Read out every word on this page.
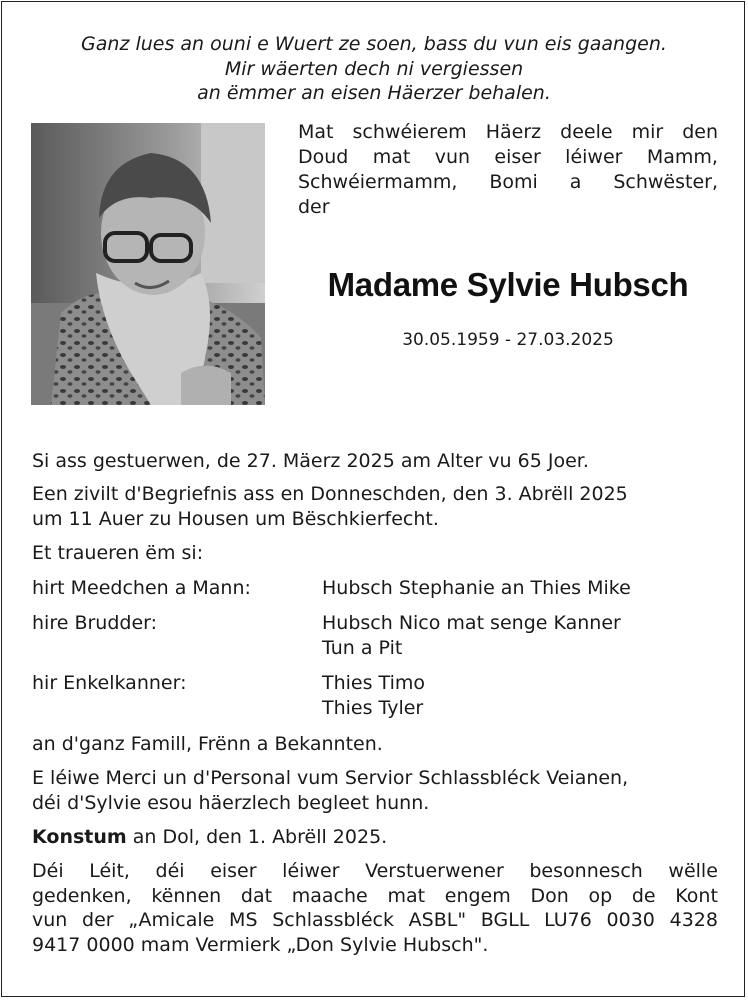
Ganz lues an ouni e Wuert ze soen, bass du vun eis gaangen.
Mir wäerten dech ni vergiessen
an ëmmer an eisen Häerzer behalen.
Mat schwéierem Häerz deele mir den
Doud mat vun eiser léiwer Mamm,
Schwéiermamm, Bomi a Schwëster,
der
Madame Sylvie Hubsch
30.05.1959 - 27.03.2025
Si ass gestuerwen, de 27. Mäerz 2025 am Alter vu 65 Joer.
Een zivilt d'Begriefnis ass en Donneschden, den 3. Abrëll 2025
um 11 Auer zu Housen um Bëschkierfecht.
Et traueren ëm si:
hirt Meedchen a Mann:	Hubsch Stephanie an Thies Mike
hire Brudder:	Hubsch Nico mat senge Kanner
Tun a Pit
hir Enkelkanner:	Thies Timo
Thies Tyler
an d'ganz Famill, Frënn a Bekannten.
E léiwe Merci un d'Personal vum Servior Schlassbléck Veianen,
déi d'Sylvie esou häerzlech begleet hunn.
Konstum an Dol, den 1. Abrëll 2025.
Déi Léit, déi eiser léiwer Verstuerwener besonnesch wëlle
gedenken, kënnen dat maache mat engem Don op de Kont
vun der „Amicale MS Schlassbléck ASBL" BGLL LU76 0030 4328
9417 0000 mam Vermierk „Don Sylvie Hubsch".
